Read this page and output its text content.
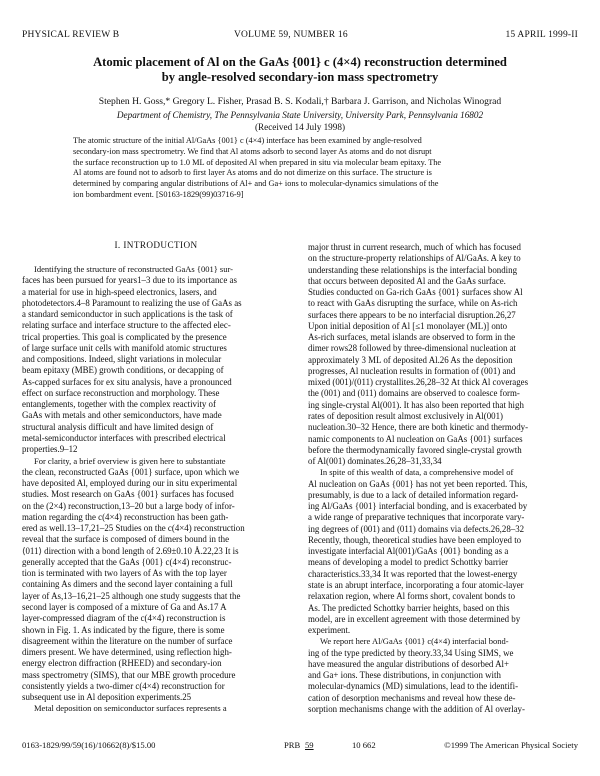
PHYSICAL REVIEW B	VOLUME 59, NUMBER 16	15 APRIL 1999-II
Atomic placement of Al on the GaAs {001} c (4×4) reconstruction determined
by angle-resolved secondary-ion mass spectrometry
Stephen H. Goss,* Gregory L. Fisher, Prasad B. S. Kodali,† Barbara J. Garrison, and Nicholas Winograd
Department of Chemistry, The Pennsylvania State University, University Park, Pennsylvania 16802
(Received 14 July 1998)
The atomic structure of the initial Al/GaAs {001} c (4×4) interface has been examined by angle-resolved
secondary-ion mass spectrometry. We find that Al atoms adsorb to second layer As atoms and do not disrupt
the surface reconstruction up to 1.0 ML of deposited Al when prepared in situ via molecular beam epitaxy. The
Al atoms are found not to adsorb to first layer As atoms and do not dimerize on this surface. The structure is
determined by comparing angular distributions of Al+ and Ga+ ions to molecular-dynamics simulations of the
ion bombardment event. [S0163-1829(99)03716-9]
I. INTRODUCTION
Identifying the structure of reconstructed GaAs {001} sur-
faces has been pursued for years1–3 due to its importance as
a material for use in high-speed electronics, lasers, and
photodetectors.4–8 Paramount to realizing the use of GaAs as
a standard semiconductor in such applications is the task of
relating surface and interface structure to the affected elec-
trical properties. This goal is complicated by the presence
of large surface unit cells with manifold atomic structures
and compositions. Indeed, slight variations in molecular
beam epitaxy (MBE) growth conditions, or decapping of
As-capped surfaces for ex situ analysis, have a pronounced
effect on surface reconstruction and morphology. These
entanglements, together with the complex reactivity of
GaAs with metals and other semiconductors, have made
structural analysis difficult and have limited design of
metal-semiconductor interfaces with prescribed electrical
properties.9–12
For clarity, a brief overview is given here to substantiate
the clean, reconstructed GaAs {001} surface, upon which we
have deposited Al, employed during our in situ experimental
studies. Most research on GaAs {001} surfaces has focused
on the (2×4) reconstruction,13–20 but a large body of infor-
mation regarding the c(4×4) reconstruction has been gath-
ered as well.13–17,21–25 Studies on the c(4×4) reconstruction
reveal that the surface is composed of dimers bound in the
⟨011⟩ direction with a bond length of 2.69±0.10 Å.22,23 It is
generally accepted that the GaAs {001} c(4×4) reconstruc-
tion is terminated with two layers of As with the top layer
containing As dimers and the second layer containing a full
layer of As,13–16,21–25 although one study suggests that the
second layer is composed of a mixture of Ga and As.17 A
layer-compressed diagram of the c(4×4) reconstruction is
shown in Fig. 1. As indicated by the figure, there is some
disagreement within the literature on the number of surface
dimers present. We have determined, using reflection high-
energy electron diffraction (RHEED) and secondary-ion
mass spectrometry (SIMS), that our MBE growth procedure
consistently yields a two-dimer c(4×4) reconstruction for
subsequent use in Al deposition experiments.25
Metal deposition on semiconductor surfaces represents a
major thrust in current research, much of which has focused
on the structure-property relationships of Al/GaAs. A key to
understanding these relationships is the interfacial bonding
that occurs between deposited Al and the GaAs surface.
Studies conducted on Ga-rich GaAs {001} surfaces show Al
to react with GaAs disrupting the surface, while on As-rich
surfaces there appears to be no interfacial disruption.26,27
Upon initial deposition of Al [≤1 monolayer (ML)] onto
As-rich surfaces, metal islands are observed to form in the
dimer rows28 followed by three-dimensional nucleation at
approximately 3 ML of deposited Al.26 As the deposition
progresses, Al nucleation results in formation of (001) and
mixed (001)/(011) crystallites.26,28–32 At thick Al coverages
the (001) and (011) domains are observed to coalesce form-
ing single-crystal Al(001). It has also been reported that high
rates of deposition result almost exclusively in Al(001)
nucleation.30–32 Hence, there are both kinetic and thermody-
namic components to Al nucleation on GaAs {001} surfaces
before the thermodynamically favored single-crystal growth
of Al(001) dominates.26,28–31,33,34
In spite of this wealth of data, a comprehensive model of
Al nucleation on GaAs {001} has not yet been reported. This,
presumably, is due to a lack of detailed information regard-
ing Al/GaAs {001} interfacial bonding, and is exacerbated by
a wide range of preparative techniques that incorporate vary-
ing degrees of (001) and (011) domains via defects.26,28–32
Recently, though, theoretical studies have been employed to
investigate interfacial Al(001)/GaAs {001} bonding as a
means of developing a model to predict Schottky barrier
characteristics.33,34 It was reported that the lowest-energy
state is an abrupt interface, incorporating a four atomic-layer
relaxation region, where Al forms short, covalent bonds to
As. The predicted Schottky barrier heights, based on this
model, are in excellent agreement with those determined by
experiment.
We report here Al/GaAs {001} c(4×4) interfacial bond-
ing of the type predicted by theory.33,34 Using SIMS, we
have measured the angular distributions of desorbed Al+
and Ga+ ions. These distributions, in conjunction with
molecular-dynamics (MD) simulations, lead to the identifi-
cation of desorption mechanisms and reveal how these de-
sorption mechanisms change with the addition of Al overlay-
0163-1829/99/59(16)/10662(8)/$15.00	PRB 59	10 662	©1999 The American Physical Society
